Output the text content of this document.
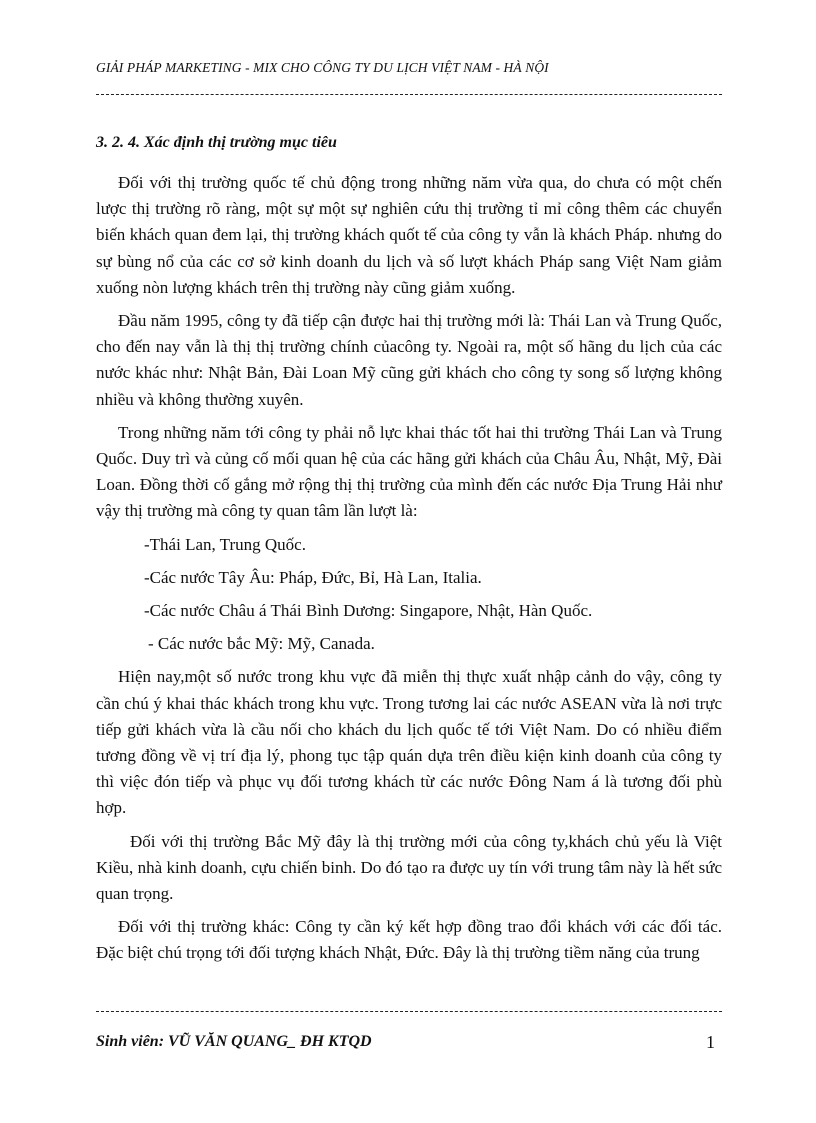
GIẢI PHÁP MARKETING - MIX CHO CÔNG TY DU LỊCH VIỆT NAM - HÀ NỘI
3. 2. 4. Xác định thị trường mục tiêu

Đối với thị trường quốc tế chủ động trong những năm vừa qua, do chưa có một chến lược thị trường rõ ràng, một sự một sự nghiên cứu thị trường tỉ mỉ công thêm các chuyển biến khách quan đem lại, thị trường khách quốt tế của công ty vẫn là khách Pháp. nhưng do sự bùng nổ của các cơ sở kinh doanh du lịch và số lượt khách Pháp sang Việt Nam giảm xuống nòn lượng khách trên thị trường này cũng giảm xuống.

Đầu năm 1995, công ty đã tiếp cận được hai thị trường mới là: Thái Lan và Trung Quốc, cho đến nay vẫn là thị thị trường chính củacông ty. Ngoài ra, một số hãng du lịch của các nước khác như: Nhật Bản, Đài Loan Mỹ cũng gửi khách cho công ty song số lượng không nhiều và không thường xuyên.

Trong những năm tới công ty phải nỗ lực khai thác tốt hai thi trường Thái Lan và Trung Quốc. Duy trì và củng cố mối quan hệ của các hãng gửi khách của Châu Âu, Nhật, Mỹ, Đài Loan. Đồng thời cố gắng mở rộng thị thị trường của mình đến các nước Địa Trung Hải như vậy thị trường mà công ty quan tâm lần lượt là:

-Thái Lan, Trung Quốc.
-Các nước Tây Âu: Pháp, Đức, Bỉ, Hà Lan, Italia.
-Các nước Châu á Thái Bình Dương: Singapore, Nhật, Hàn Quốc.
- Các nước bắc Mỹ: Mỹ, Canada.

Hiện nay,một số nước trong khu vực đã miễn thị thực xuất nhập cảnh do vậy, công ty cần chú ý khai thác khách trong khu vực. Trong tương lai các nước ASEAN vừa là nơi trực tiếp gửi khách vừa là cầu nối cho khách du lịch quốc tế tới Việt Nam. Do có nhiều điểm tương đồng về vị trí địa lý, phong tục tập quán dựa trên điều kiện kinh doanh của công ty thì việc đón tiếp và phục vụ đối tương khách từ các nước Đông Nam á là tương đối phù hợp.

Đối với thị trường Bắc Mỹ đây là thị trường mới của công ty,khách chủ yếu là Việt Kiều, nhà kinh doanh, cựu chiến binh. Do đó tạo ra được uy tín với trung tâm này là hết sức quan trọng.

Đối với thị trường khác: Công ty cần ký kết hợp đồng trao đổi khách với các đối tác. Đặc biệt chú trọng tới đối tượng khách Nhật, Đức. Đây là thị trường tiềm năng của trung

Sinh viên: VŨ VĂN QUANG_ ĐH KTQD	1
